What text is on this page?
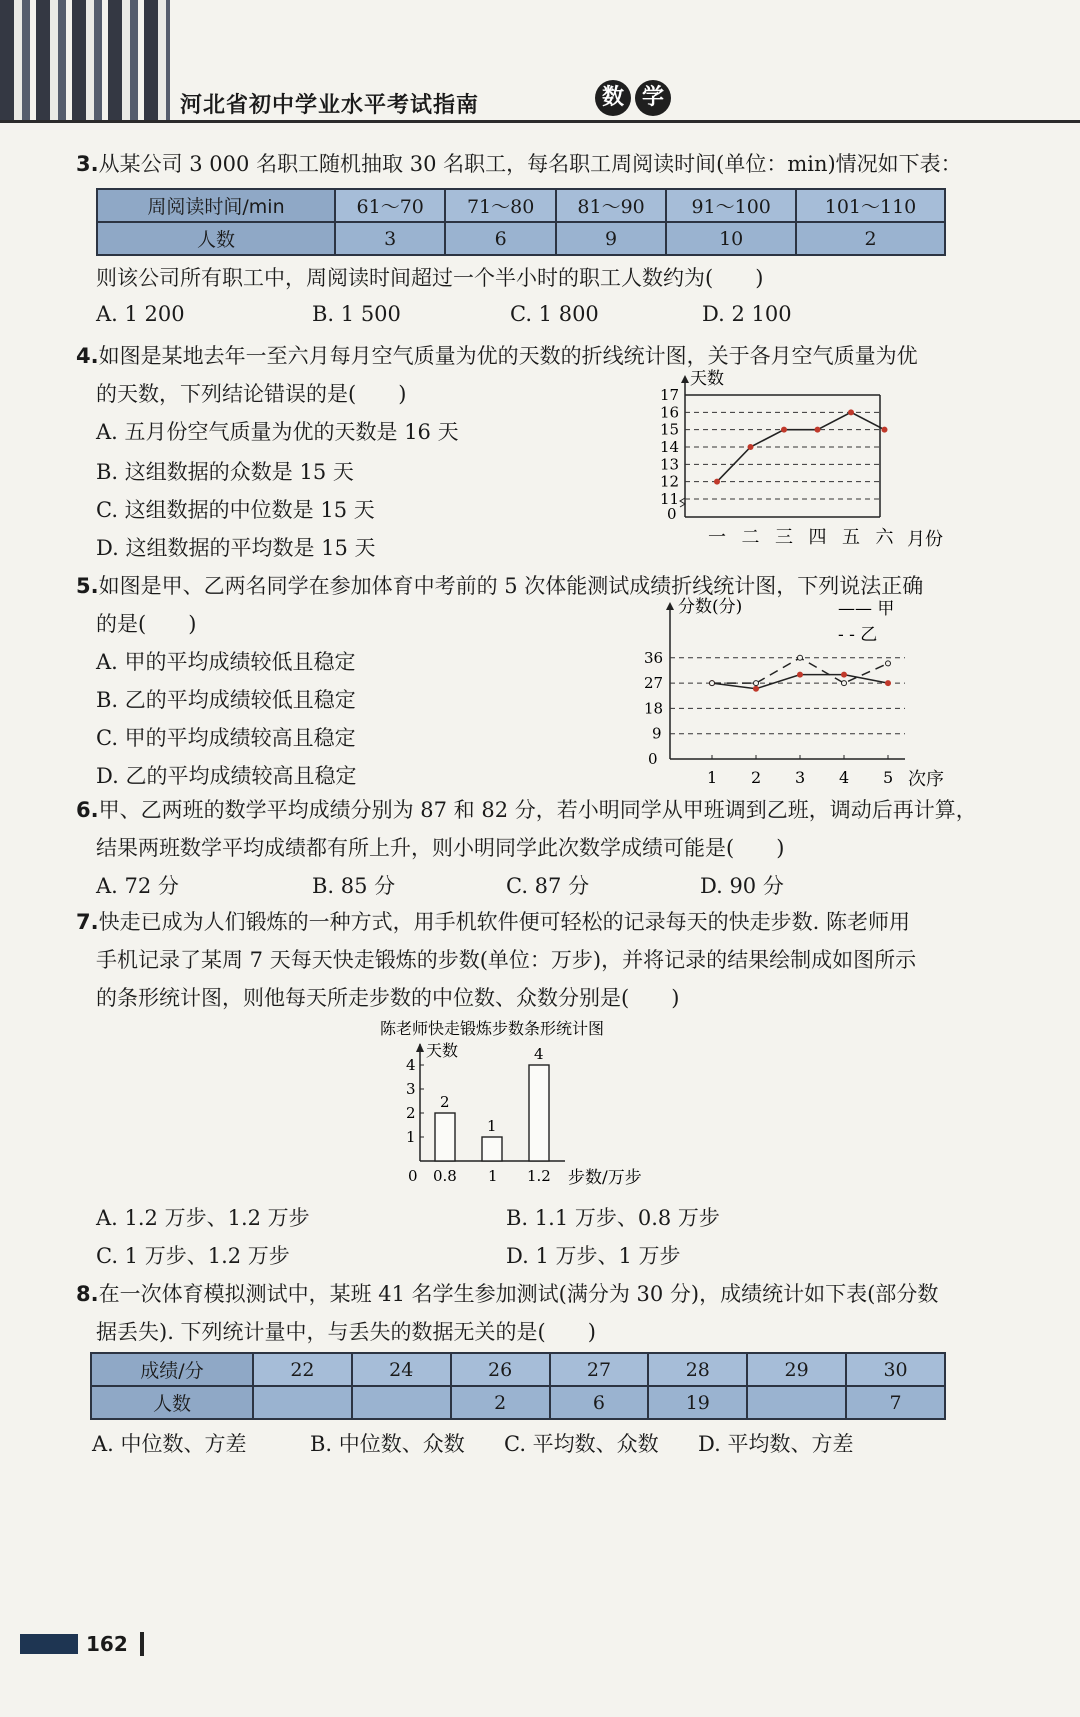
河北省初中学业水平考试指南	数 学
3.从某公司 3 000 名职工随机抽取 30 名职工，每名职工周阅读时间(单位：min)情况如下表：
周阅读时间/min	61～70	71～80	81～90	91～100	101～110
人数	3	6	9	10	2
则该公司所有职工中，周阅读时间超过一个半小时的职工人数约为(　　)
A. 1 200	B. 1 500	C. 1 800	D. 2 100
4.如图是某地去年一至六月每月空气质量为优的天数的折线统计图，关于各月空气质量为优
的天数，下列结论错误的是(　　)
A. 五月份空气质量为优的天数是 16 天
B. 这组数据的众数是 15 天
C. 这组数据的中位数是 15 天
D. 这组数据的平均数是 15 天
天数
0
11
12
13
14
15
16
17
一 二 三 四 五 六 月份
5.如图是甲、乙两名同学在参加体育中考前的 5 次体能测试成绩折线统计图，下列说法正确
的是(　　)
A. 甲的平均成绩较低且稳定
B. 乙的平均成绩较低且稳定
C. 甲的平均成绩较高且稳定
D. 乙的平均成绩较高且稳定
分数(分)
0
9
18
27
36
1 2 3 4 5 次序
—— 甲
- - 乙
6.甲、乙两班的数学平均成绩分别为 87 和 82 分，若小明同学从甲班调到乙班，调动后再计算，
结果两班数学平均成绩都有所上升，则小明同学此次数学成绩可能是(　　)
A. 72 分	B. 85 分	C. 87 分	D. 90 分
7.快走已成为人们锻炼的一种方式，用手机软件便可轻松的记录每天的快走步数. 陈老师用
手机记录了某周 7 天每天快走锻炼的步数(单位：万步)，并将记录的结果绘制成如图所示
的条形统计图，则他每天所走步数的中位数、众数分别是(　　)
陈老师快走锻炼步数条形统计图
天数
0
1
2
3
4
2
0.8
1
1
4
1.2 步数/万步
A. 1.2 万步、1.2 万步	B. 1.1 万步、0.8 万步
C. 1 万步、1.2 万步	D. 1 万步、1 万步
8.在一次体育模拟测试中，某班 41 名学生参加测试(满分为 30 分)，成绩统计如下表(部分数
据丢失). 下列统计量中，与丢失的数据无关的是(　　)
成绩/分	22	24	26	27	28	29	30
人数			2	6	19		7
A. 中位数、方差	B. 中位数、众数 C. 平均数、众数 D. 平均数、方差
162
